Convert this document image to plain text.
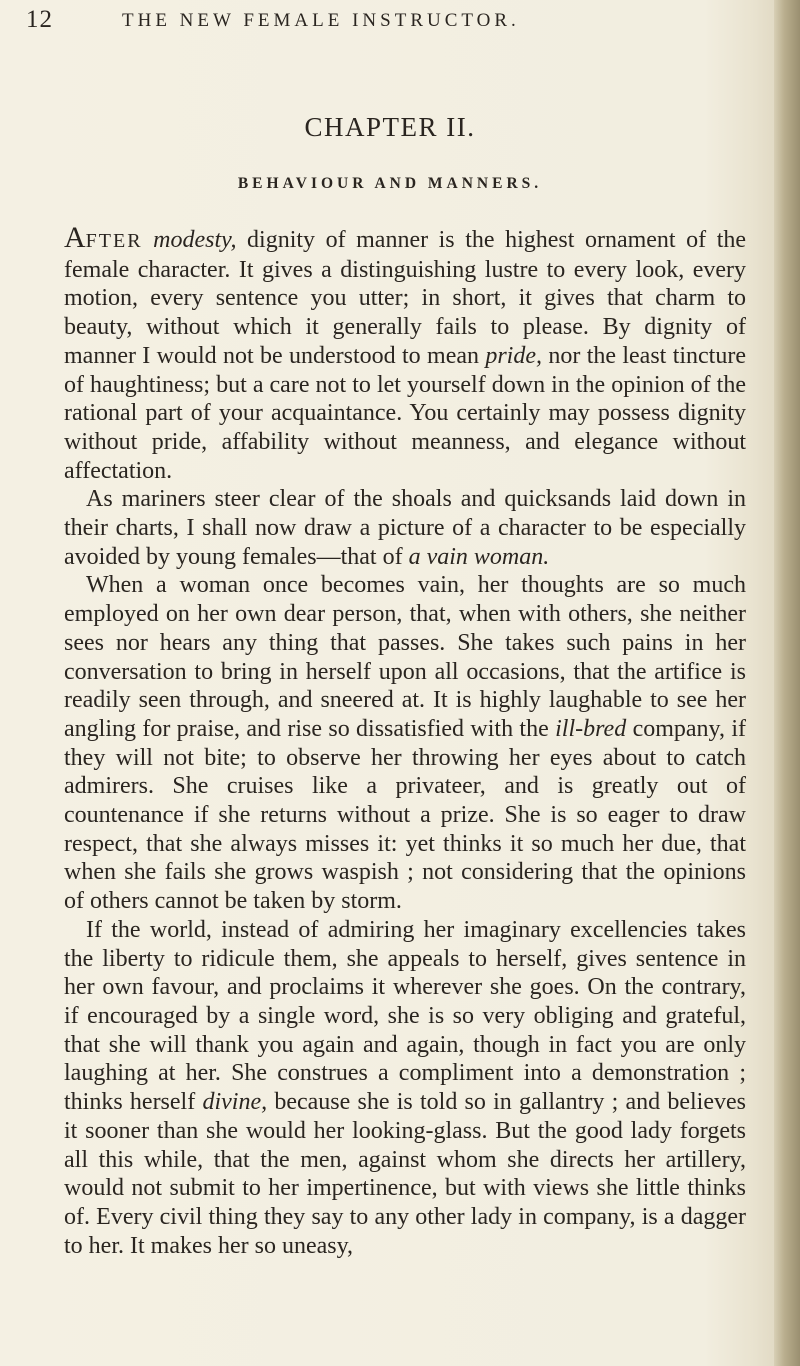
12	THE NEW FEMALE INSTRUCTOR.
CHAPTER II.
BEHAVIOUR AND MANNERS.

AFTER modesty, dignity of manner is the highest ornament of the female character. It gives a distinguishing lustre to every look, every motion, every sentence you utter; in short, it gives that charm to beauty, without which it generally fails to please. By dignity of manner I would not be understood to mean pride, nor the least tincture of haughtiness; but a care not to let yourself down in the opinion of the rational part of your acquaintance. You certainly may possess dignity without pride, affability without meanness, and elegance without affectation.

As mariners steer clear of the shoals and quicksands laid down in their charts, I shall now draw a picture of a character to be especially avoided by young females—that of a vain woman.

When a woman once becomes vain, her thoughts are so much employed on her own dear person, that, when with others, she neither sees nor hears any thing that passes. She takes such pains in her conversation to bring in herself upon all occasions, that the artifice is readily seen through, and sneered at. It is highly laughable to see her angling for praise, and rise so dissatisfied with the ill-bred company, if they will not bite; to observe her throwing her eyes about to catch admirers. She cruises like a privateer, and is greatly out of countenance if she returns without a prize. She is so eager to draw respect, that she always misses it: yet thinks it so much her due, that when she fails she grows waspish ; not considering that the opinions of others cannot be taken by storm.

If the world, instead of admiring her imaginary excellencies takes the liberty to ridicule them, she appeals to herself, gives sentence in her own favour, and proclaims it wherever she goes. On the contrary, if encouraged by a single word, she is so very obliging and grateful, that she will thank you again and again, though in fact you are only laughing at her. She construes a compliment into a demonstration ; thinks herself divine, because she is told so in gallantry ; and believes it sooner than she would her looking-glass. But the good lady forgets all this while, that the men, against whom she directs her artillery, would not submit to her impertinence, but with views she little thinks of. Every civil thing they say to any other lady in company, is a dagger to her. It makes her so uneasy,
